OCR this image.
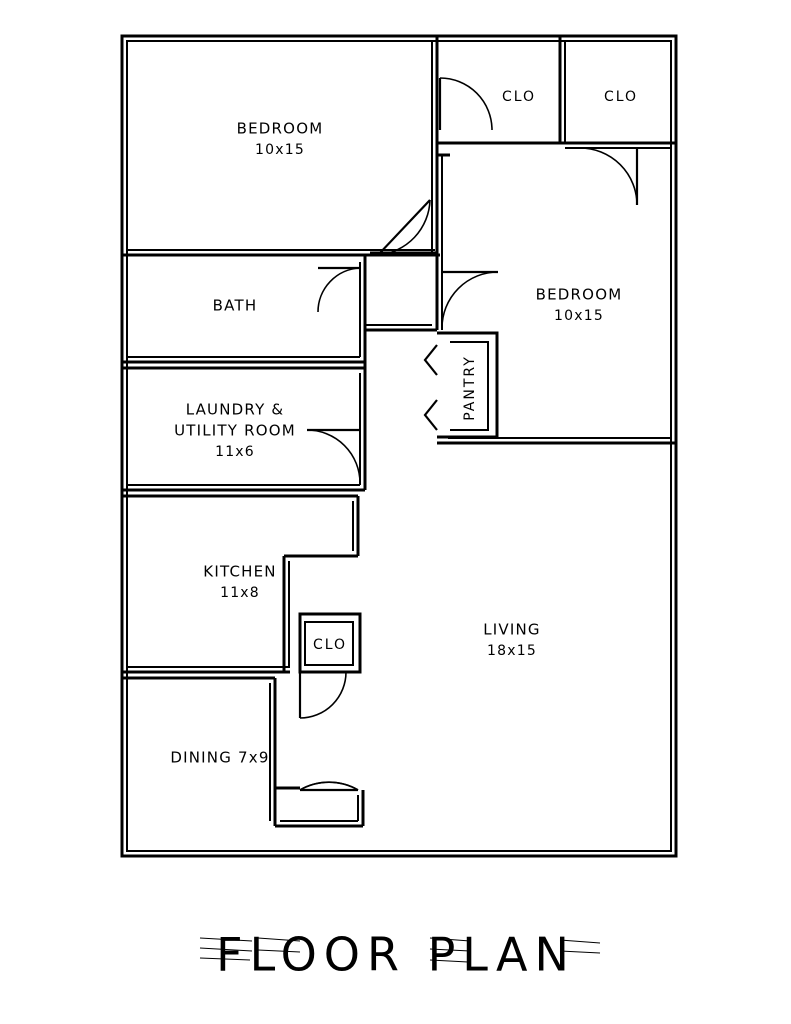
BEDROOM
10x15
CLO	CLO
BEDROOM
10x15
BATH
PANTRY
LAUNDRY &
UTILITY ROOM
11x6
KITCHEN
11x8
CLO
LIVING
18x15
DINING 7x9
FLOOR PLAN
